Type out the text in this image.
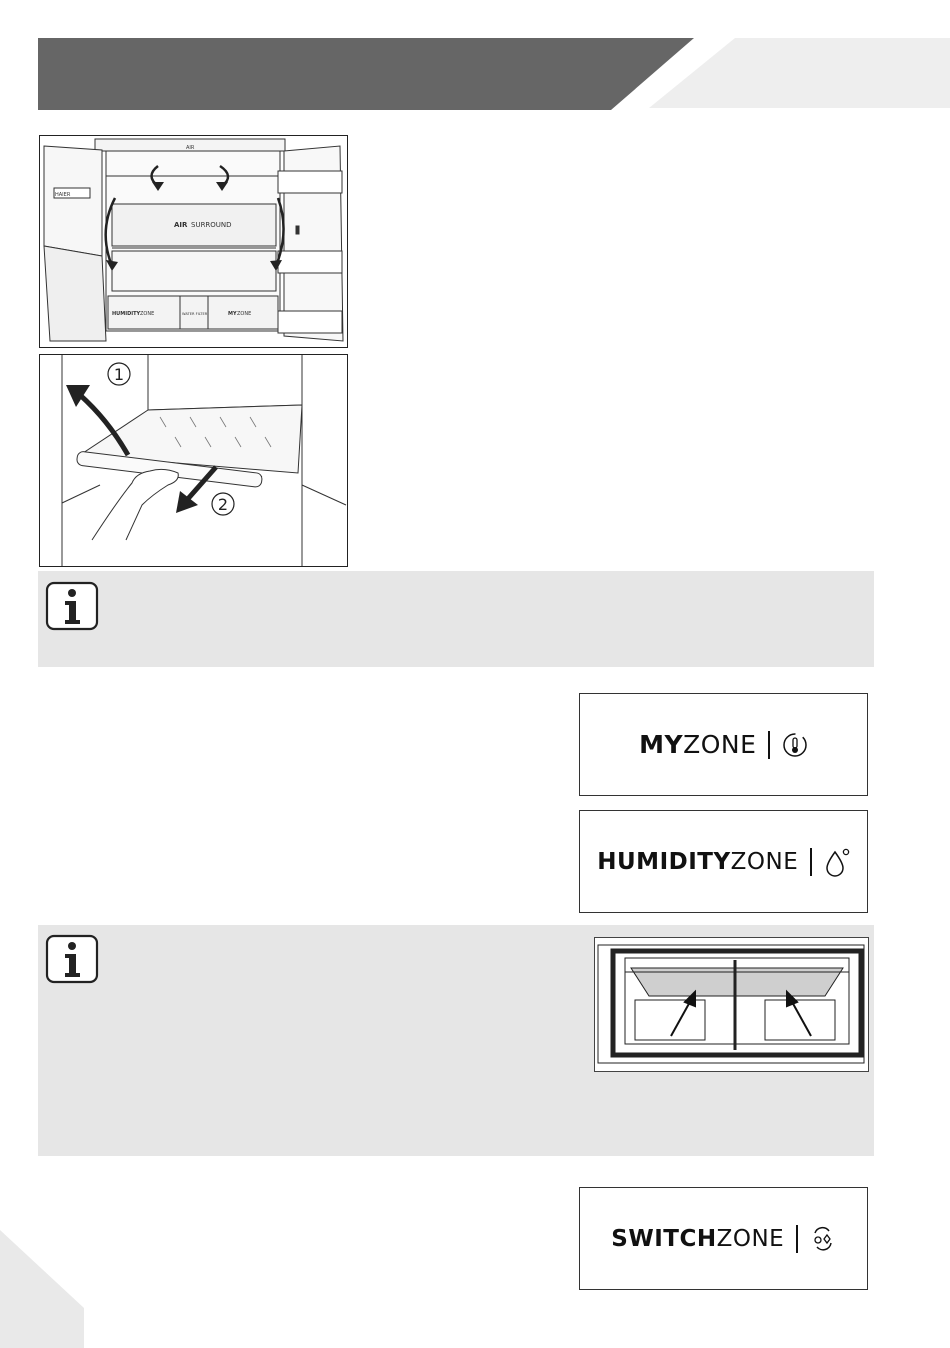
AIR
HAIER
AIR SURROUND
HUMIDITY ZONE	WATER FILTER	MY ZONE
1
2
MY ZONE
HUMIDITY ZONE
SWITCH ZONE
